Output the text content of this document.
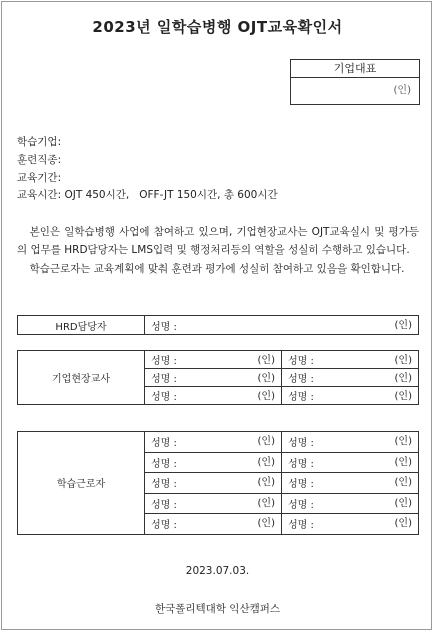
2023년 일학습병행 OJT교육확인서
기업대표
(인)
학습기업:
훈련직종:
교육기간:
교육시간: OJT 450시간,   OFF-JT 150시간, 총 600시간

본인은 일학습병행 사업에 참여하고 있으며, 기업현장교사는 OJT교육실시 및 평가등의 업무를 HRD담당자는 LMS입력 및 행정처리등의 역할을 성실히 수행하고 있습니다.

학습근로자는 교육계획에 맞춰 훈련과 평가에 성실히 참여하고 있음을 확인합니다.

HRD담당자	성명 :	(인)
기업현장교사	성명 : (인)	성명 : (인)

	성명 : (인)	성명 : (인)

	성명 : (인)	성명 : (인)
학습근로자	성명 : (인)	성명 : (인)

	성명 : (인)	성명 : (인)

	성명 : (인)	성명 : (인)

	성명 : (인)	성명 : (인)

	성명 : (인)	성명 : (인)
2023.07.03.
한국폴리텍대학 익산캠퍼스
